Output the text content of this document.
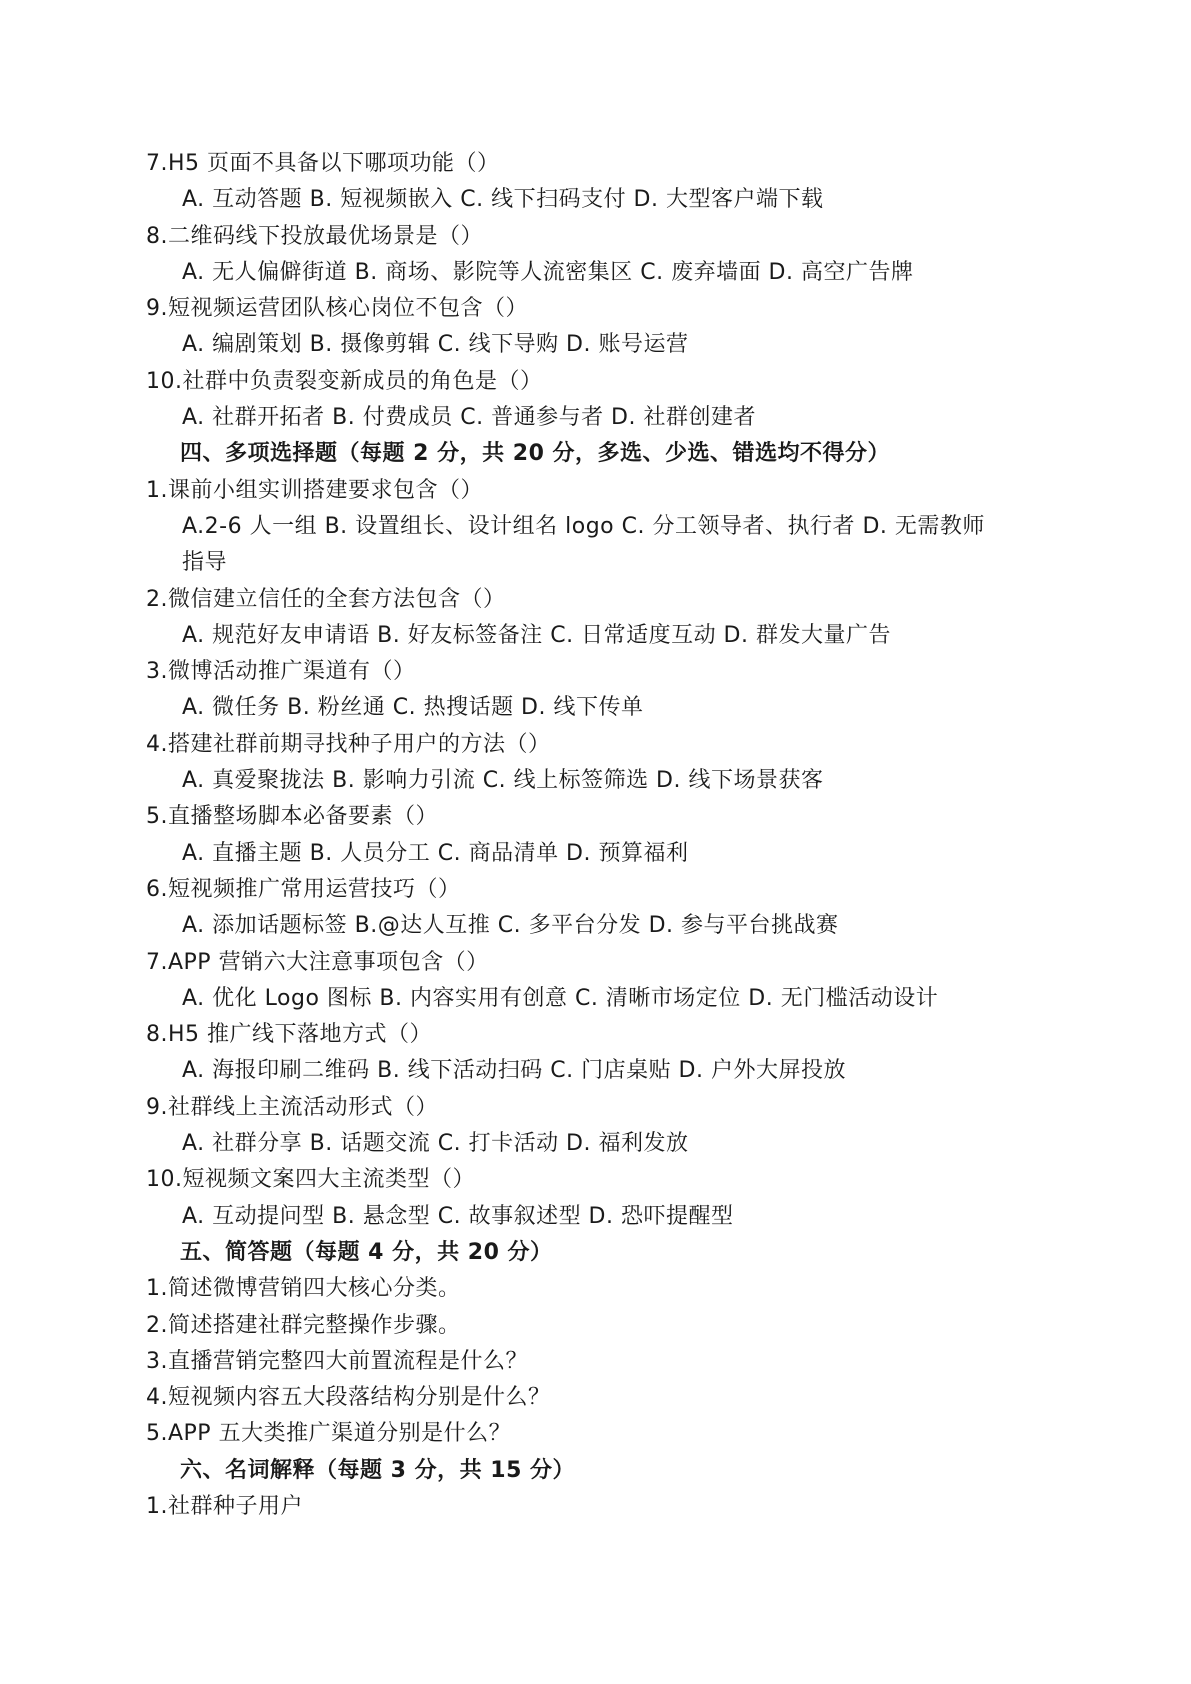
7.H5 页面不具备以下哪项功能（）
A. 互动答题 B. 短视频嵌入 C. 线下扫码支付 D. 大型客户端下载
8.二维码线下投放最优场景是（）
A. 无人偏僻街道 B. 商场、影院等人流密集区 C. 废弃墙面 D. 高空广告牌
9.短视频运营团队核心岗位不包含（）
A. 编剧策划 B. 摄像剪辑 C. 线下导购 D. 账号运营
10.社群中负责裂变新成员的角色是（）
A. 社群开拓者 B. 付费成员 C. 普通参与者 D. 社群创建者
四、多项选择题（每题 2 分，共 20 分，多选、少选、错选均不得分）
1.课前小组实训搭建要求包含（）
A.2-6 人一组 B. 设置组长、设计组名 logo C. 分工领导者、执行者 D. 无需教师
指导
2.微信建立信任的全套方法包含（）
A. 规范好友申请语 B. 好友标签备注 C. 日常适度互动 D. 群发大量广告
3.微博活动推广渠道有（）
A. 微任务 B. 粉丝通 C. 热搜话题 D. 线下传单
4.搭建社群前期寻找种子用户的方法（）
A. 真爱聚拢法 B. 影响力引流 C. 线上标签筛选 D. 线下场景获客
5.直播整场脚本必备要素（）
A. 直播主题 B. 人员分工 C. 商品清单 D. 预算福利
6.短视频推广常用运营技巧（）
A. 添加话题标签 B.@达人互推 C. 多平台分发 D. 参与平台挑战赛
7.APP 营销六大注意事项包含（）
A. 优化 Logo 图标 B. 内容实用有创意 C. 清晰市场定位 D. 无门槛活动设计
8.H5 推广线下落地方式（）
A. 海报印刷二维码 B. 线下活动扫码 C. 门店桌贴 D. 户外大屏投放
9.社群线上主流活动形式（）
A. 社群分享 B. 话题交流 C. 打卡活动 D. 福利发放
10.短视频文案四大主流类型（）
A. 互动提问型 B. 悬念型 C. 故事叙述型 D. 恐吓提醒型
五、简答题（每题 4 分，共 20 分）
1.简述微博营销四大核心分类。
2.简述搭建社群完整操作步骤。
3.直播营销完整四大前置流程是什么？
4.短视频内容五大段落结构分别是什么？
5.APP 五大类推广渠道分别是什么？
六、名词解释（每题 3 分，共 15 分）
1.社群种子用户
